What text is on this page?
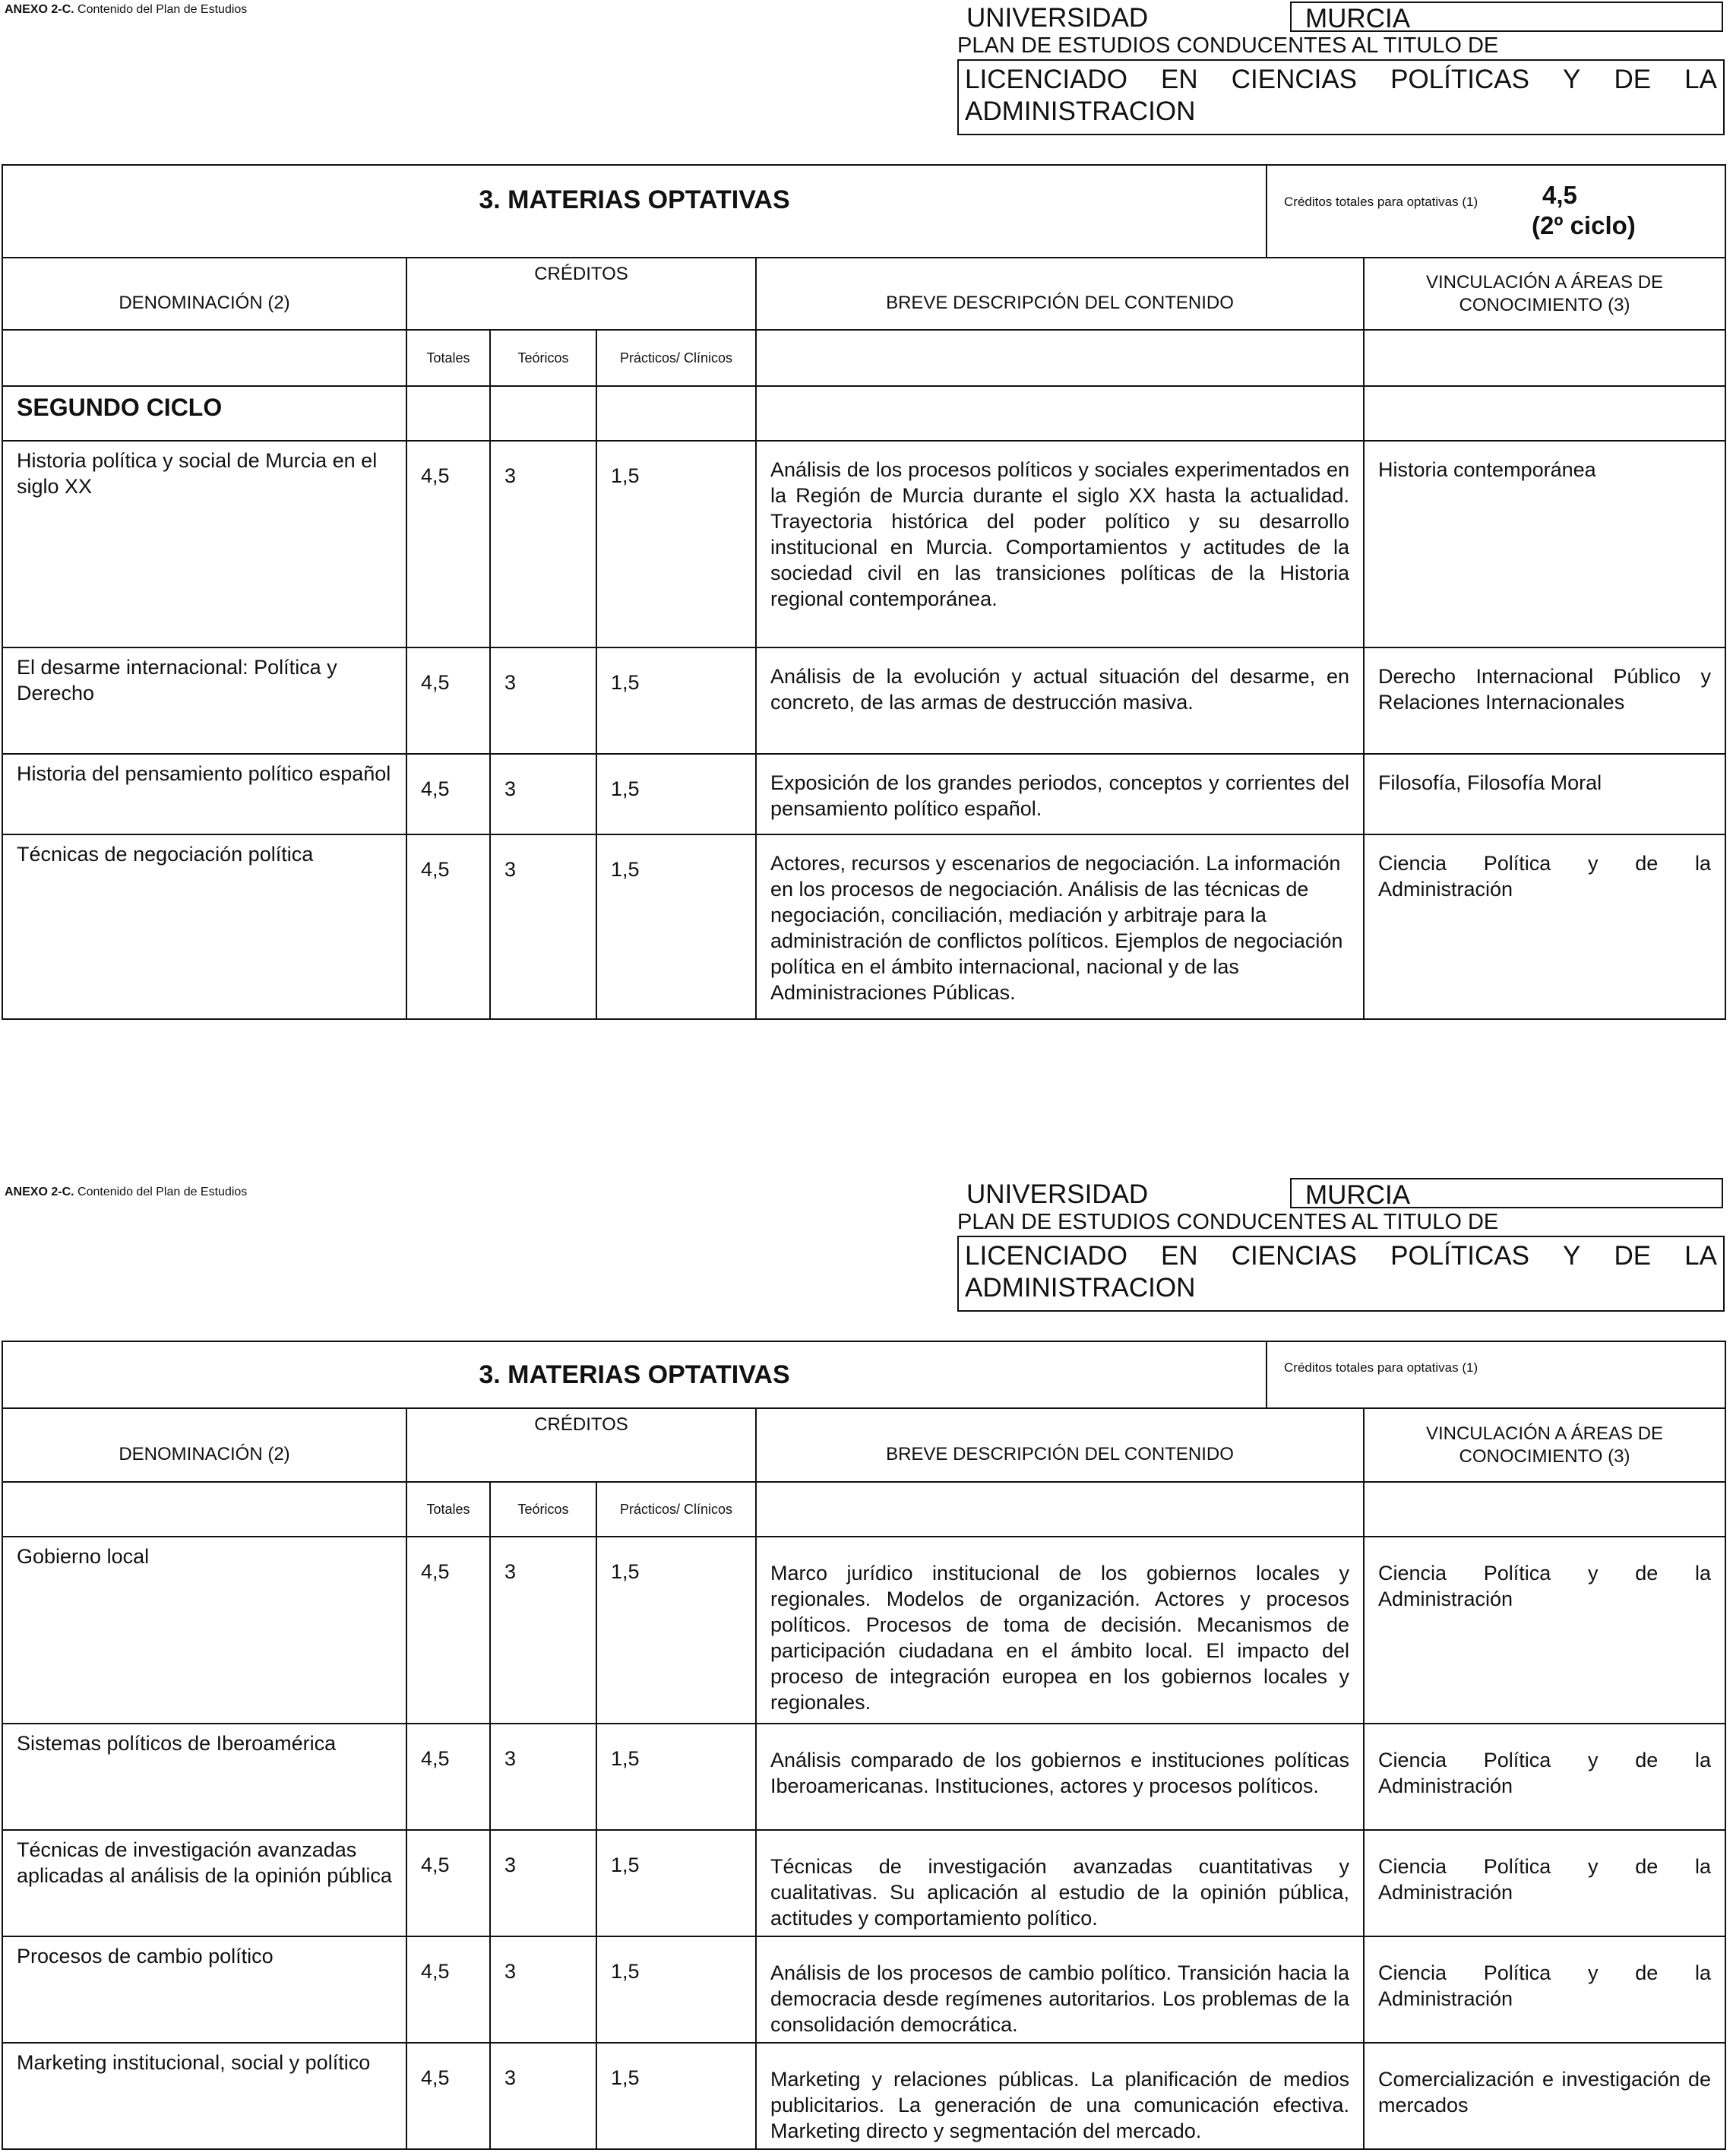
ANEXO 2-C. Contenido del Plan de Estudios	UNIVERSIDAD	MURCIA
PLAN DE ESTUDIOS CONDUCENTES AL TITULO DE
LICENCIADO EN CIENCIAS POLÍTICAS Y DE LA
ADMINISTRACION
3. MATERIAS OPTATIVAS	Créditos totales para optativas (1)	4,5
(2º ciclo)
DENOMINACIÓN (2)	CRÉDITOS			BREVE DESCRIPCIÓN DEL CONTENIDO	VINCULACIÓN A ÁREAS DE CONOCIMIENTO (3)
	Totales	Teóricos	Prácticos/ Clínicos		
SEGUNDO CICLO					
Historia política y social de Murcia en el siglo XX	4,5	3	1,5	Análisis de los procesos políticos y sociales experimentados en la Región de Murcia durante el siglo XX hasta la actualidad. Trayectoria histórica del poder político y su desarrollo institucional en Murcia. Comportamientos y actitudes de la sociedad civil en las transiciones políticas de la Historia regional contemporánea.	Historia contemporánea
El desarme internacional: Política y Derecho	4,5	3	1,5	Análisis de la evolución y actual situación del desarme, en concreto, de las armas de destrucción masiva.	Derecho Internacional Público y Relaciones Internacionales
Historia del pensamiento político español	4,5	3	1,5	Exposición de los grandes periodos, conceptos y corrientes del pensamiento político español.	Filosofía, Filosofía Moral
Técnicas de negociación política	4,5	3	1,5	Actores, recursos y escenarios de negociación. La información en los procesos de negociación. Análisis de las técnicas de negociación, conciliación, mediación y arbitraje para la administración de conflictos políticos. Ejemplos de negociación política en el ámbito internacional, nacional y de las Administraciones Públicas.	Ciencia Política y de la Administración
ANEXO 2-C. Contenido del Plan de Estudios	UNIVERSIDAD	MURCIA
PLAN DE ESTUDIOS CONDUCENTES AL TITULO DE
LICENCIADO EN CIENCIAS POLÍTICAS Y DE LA
ADMINISTRACION
3. MATERIAS OPTATIVAS	Créditos totales para optativas (1)
DENOMINACIÓN (2)	CRÉDITOS			BREVE DESCRIPCIÓN DEL CONTENIDO	VINCULACIÓN A ÁREAS DE CONOCIMIENTO (3)
	Totales	Teóricos	Prácticos/ Clínicos		
Gobierno local	4,5	3	1,5	Marco jurídico institucional de los gobiernos locales y regionales. Modelos de organización. Actores y procesos políticos. Procesos de toma de decisión. Mecanismos de participación ciudadana en el ámbito local. El impacto del proceso de integración europea en los gobiernos locales y regionales.	Ciencia Política y de la Administración
Sistemas políticos de Iberoamérica	4,5	3	1,5	Análisis comparado de los gobiernos e instituciones políticas Iberoamericanas. Instituciones, actores y procesos políticos.	Ciencia Política y de la Administración
Técnicas de investigación avanzadas aplicadas al análisis de la opinión pública	4,5	3	1,5	Técnicas de investigación avanzadas cuantitativas y cualitativas. Su aplicación al estudio de la opinión pública, actitudes y comportamiento político.	Ciencia Política y de la Administración
Procesos de cambio político	4,5	3	1,5	Análisis de los procesos de cambio político. Transición hacia la democracia desde regímenes autoritarios. Los problemas de la consolidación democrática.	Ciencia Política y de la Administración
Marketing institucional, social y político	4,5	3	1,5	Marketing y relaciones públicas. La planificación de medios publicitarios. La generación de una comunicación efectiva. Marketing directo y segmentación del mercado.	Comercialización e investigación de mercados
